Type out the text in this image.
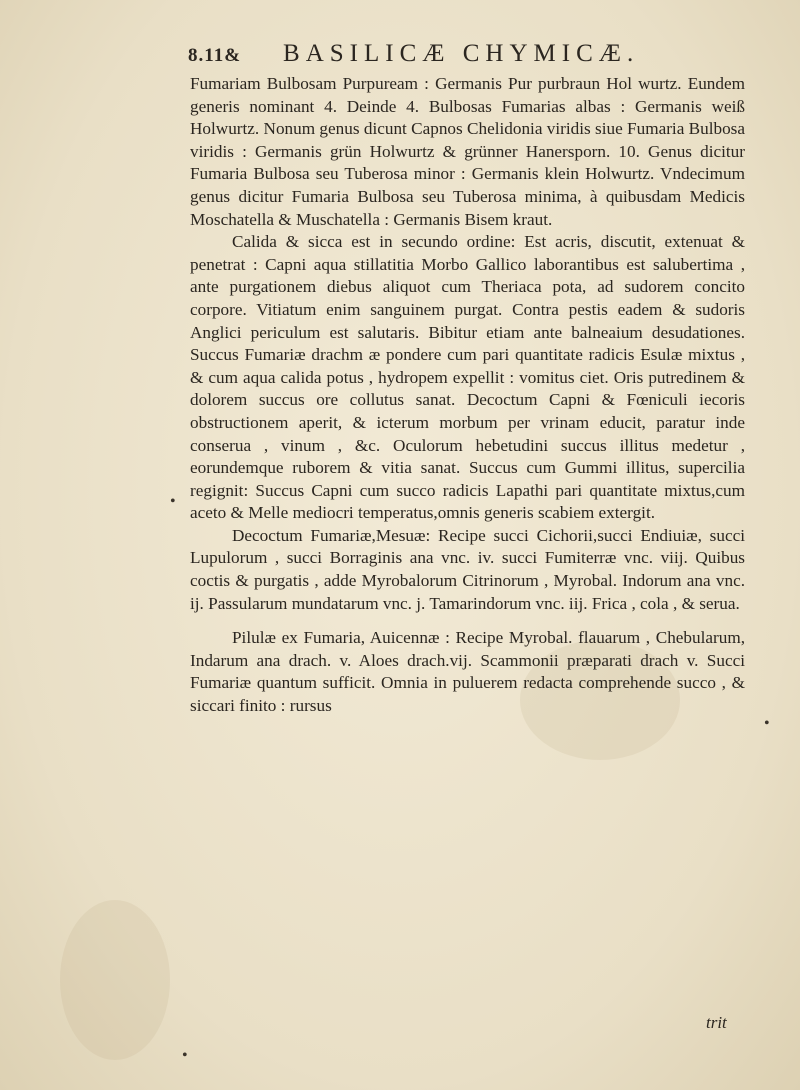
8.11& BASILICÆ CHYMICÆ.

Fumariam Bulbosam Purpuream : Germanis Pur purbraun Hol wurtz. Eundem generis nominant 4. Deinde 4. Bulbosas Fumarias albas : Germanis weiß Holwurtz. Nonum genus dicunt Capnos Chelidonia viridis siue Fumaria Bulbosa viridis : Germanis grün Holwurtz & grünner Hanersporn. 10. Genus dicitur Fumaria Bulbosa seu Tuberosa minor : Germanis klein Holwurtz. Vndecimum genus dicitur Fumaria Bulbosa seu Tuberosa minima, à quibusdam Medicis Moschatella & Muschatella : Germanis Bisem kraut.

Calida & sicca est in secundo ordine: Est acris, discutit, extenuat & penetrat : Capni aqua stillatitia Morbo Gallico laborantibus est salubertima , ante purgationem diebus aliquot cum Theriaca pota, ad sudorem concito corpore. Vitiatum enim sanguinem purgat. Contra pestis eadem & sudoris Anglici periculum est salutaris. Bibitur etiam ante balneaium desudationes. Succus Fumariæ drachm æ pondere cum pari quantitate radicis Esulæ mixtus , & cum aqua calida potus , hydropem expellit : vomitus ciet. Oris putredinem & dolorem succus ore collutus sanat. Decoctum Capni & Fœniculi iecoris obstructionem aperit, & icterum morbum per vrinam educit, paratur inde conserua , vinum , &c. Oculorum hebetudini succus illitus medetur , eorundemque ruborem & vitia sanat. Succus cum Gummi illitus, supercilia regignit: Succus Capni cum succo radicis Lapathi pari quantitate mixtus,cum aceto & Melle mediocri temperatus,omnis generis scabiem extergit.

Decoctum Fumariæ,Mesuæ: Recipe succi Cichorii,succi Endiuiæ, succi Lupulorum , succi Borraginis ana vnc. iv. succi Fumiterræ vnc. viij. Quibus coctis & purgatis , adde Myrobalorum Citrinorum , Myrobal. Indorum ana vnc. ij. Passularum mundatarum vnc. j. Tamarindorum vnc. iij. Frica , cola , & serua.

Pilulæ ex Fumaria, Auicennæ : Recipe Myrobal. flauarum , Chebularum, Indarum ana drach. v. Aloes drach.vij. Scammonii præparati drach v. Succi Fumariæ quantum sufficit. Omnia in puluerem redacta comprehende succo , & siccari finito : rursus

•
•
•
trit
